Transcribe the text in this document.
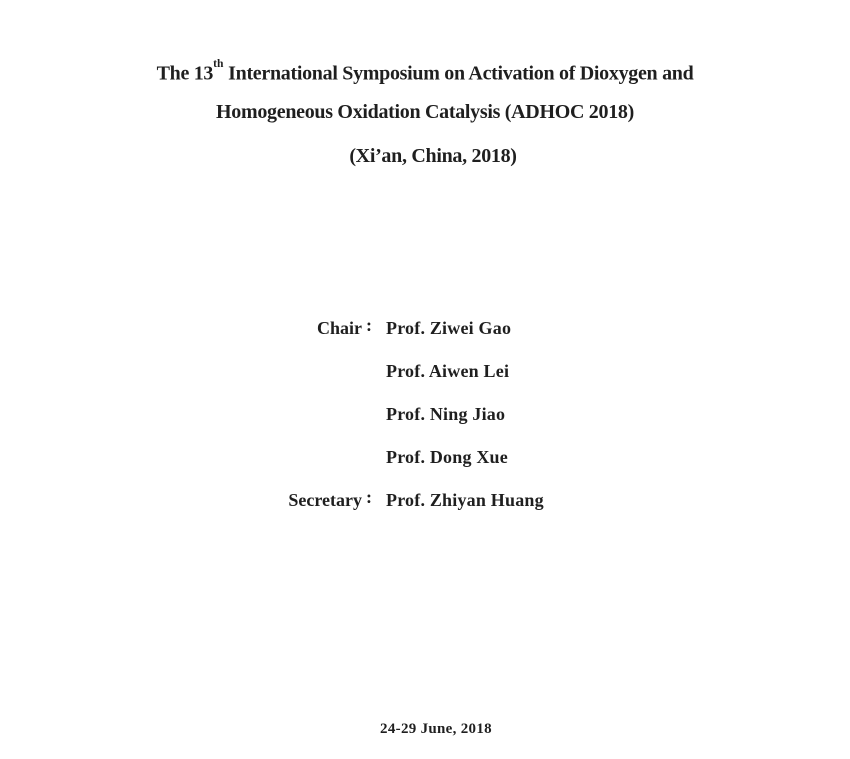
The 13th International Symposium on Activation of Dioxygen and
Homogeneous Oxidation Catalysis (ADHOC 2018)
(Xi’an, China, 2018)
Chair : Prof. Ziwei Gao
Prof. Aiwen Lei
Prof. Ning Jiao
Prof. Dong Xue
Secretary : Prof. Zhiyan Huang
24-29 June, 2018
